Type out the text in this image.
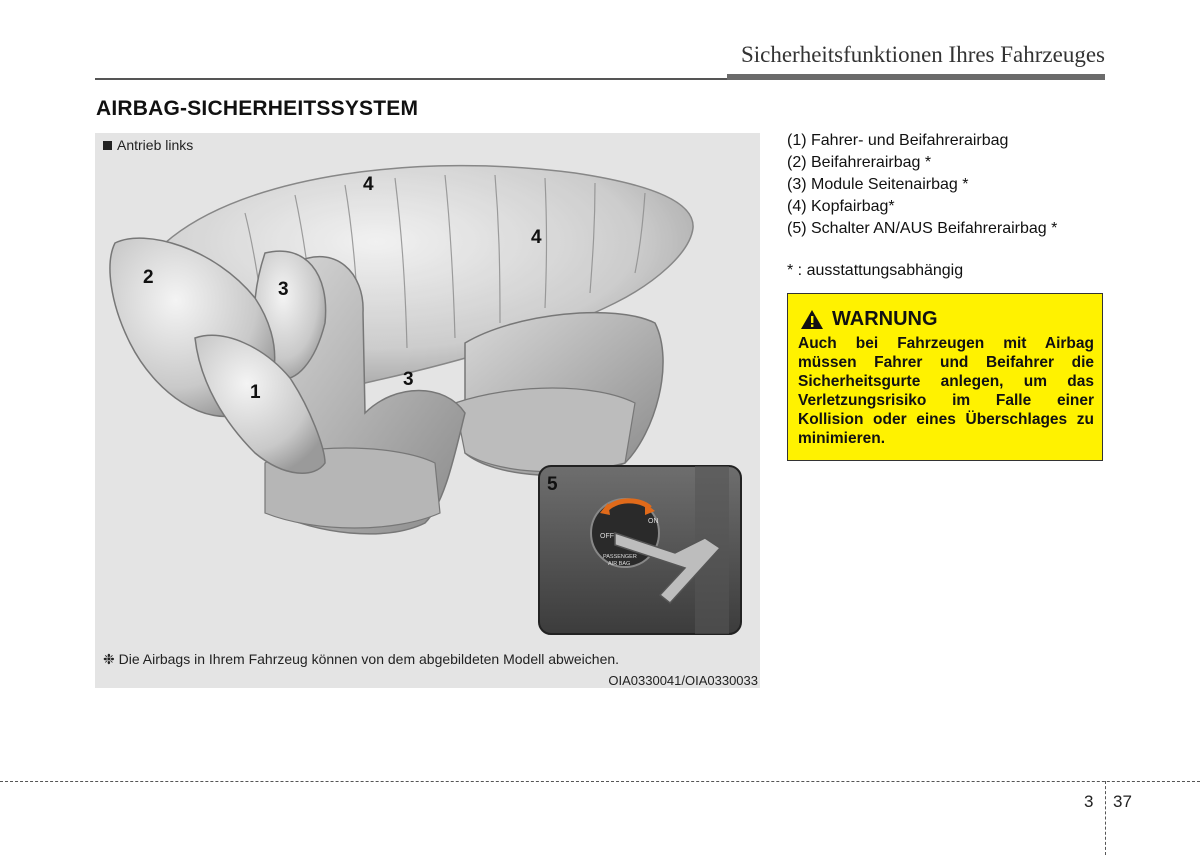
Sicherheitsfunktionen Ihres Fahrzeuges
AIRBAG-SICHERHEITSSYSTEM
1
2
3
3
4
4
5
OFF
ON
PASSENGER
AIR BAG
Antrieb links
❉ Die Airbags in Ihrem Fahrzeug können von dem abgebildeten Modell abweichen.
OIA0330041/OIA0330033
(1) Fahrer- und Beifahrerairbag
(2) Beifahrerairbag *
(3) Module Seitenairbag *
(4) Kopfairbag*
(5) Schalter AN/AUS Beifahrerairbag *
* : ausstattungsabhängig
WARNUNG
Auch bei Fahrzeugen mit Airbag müssen Fahrer und Beifahrer die Sicherheitsgurte anlegen, um das Verletzungsrisiko im Falle einer Kollision oder eines Überschlages zu minimieren.
3 37
